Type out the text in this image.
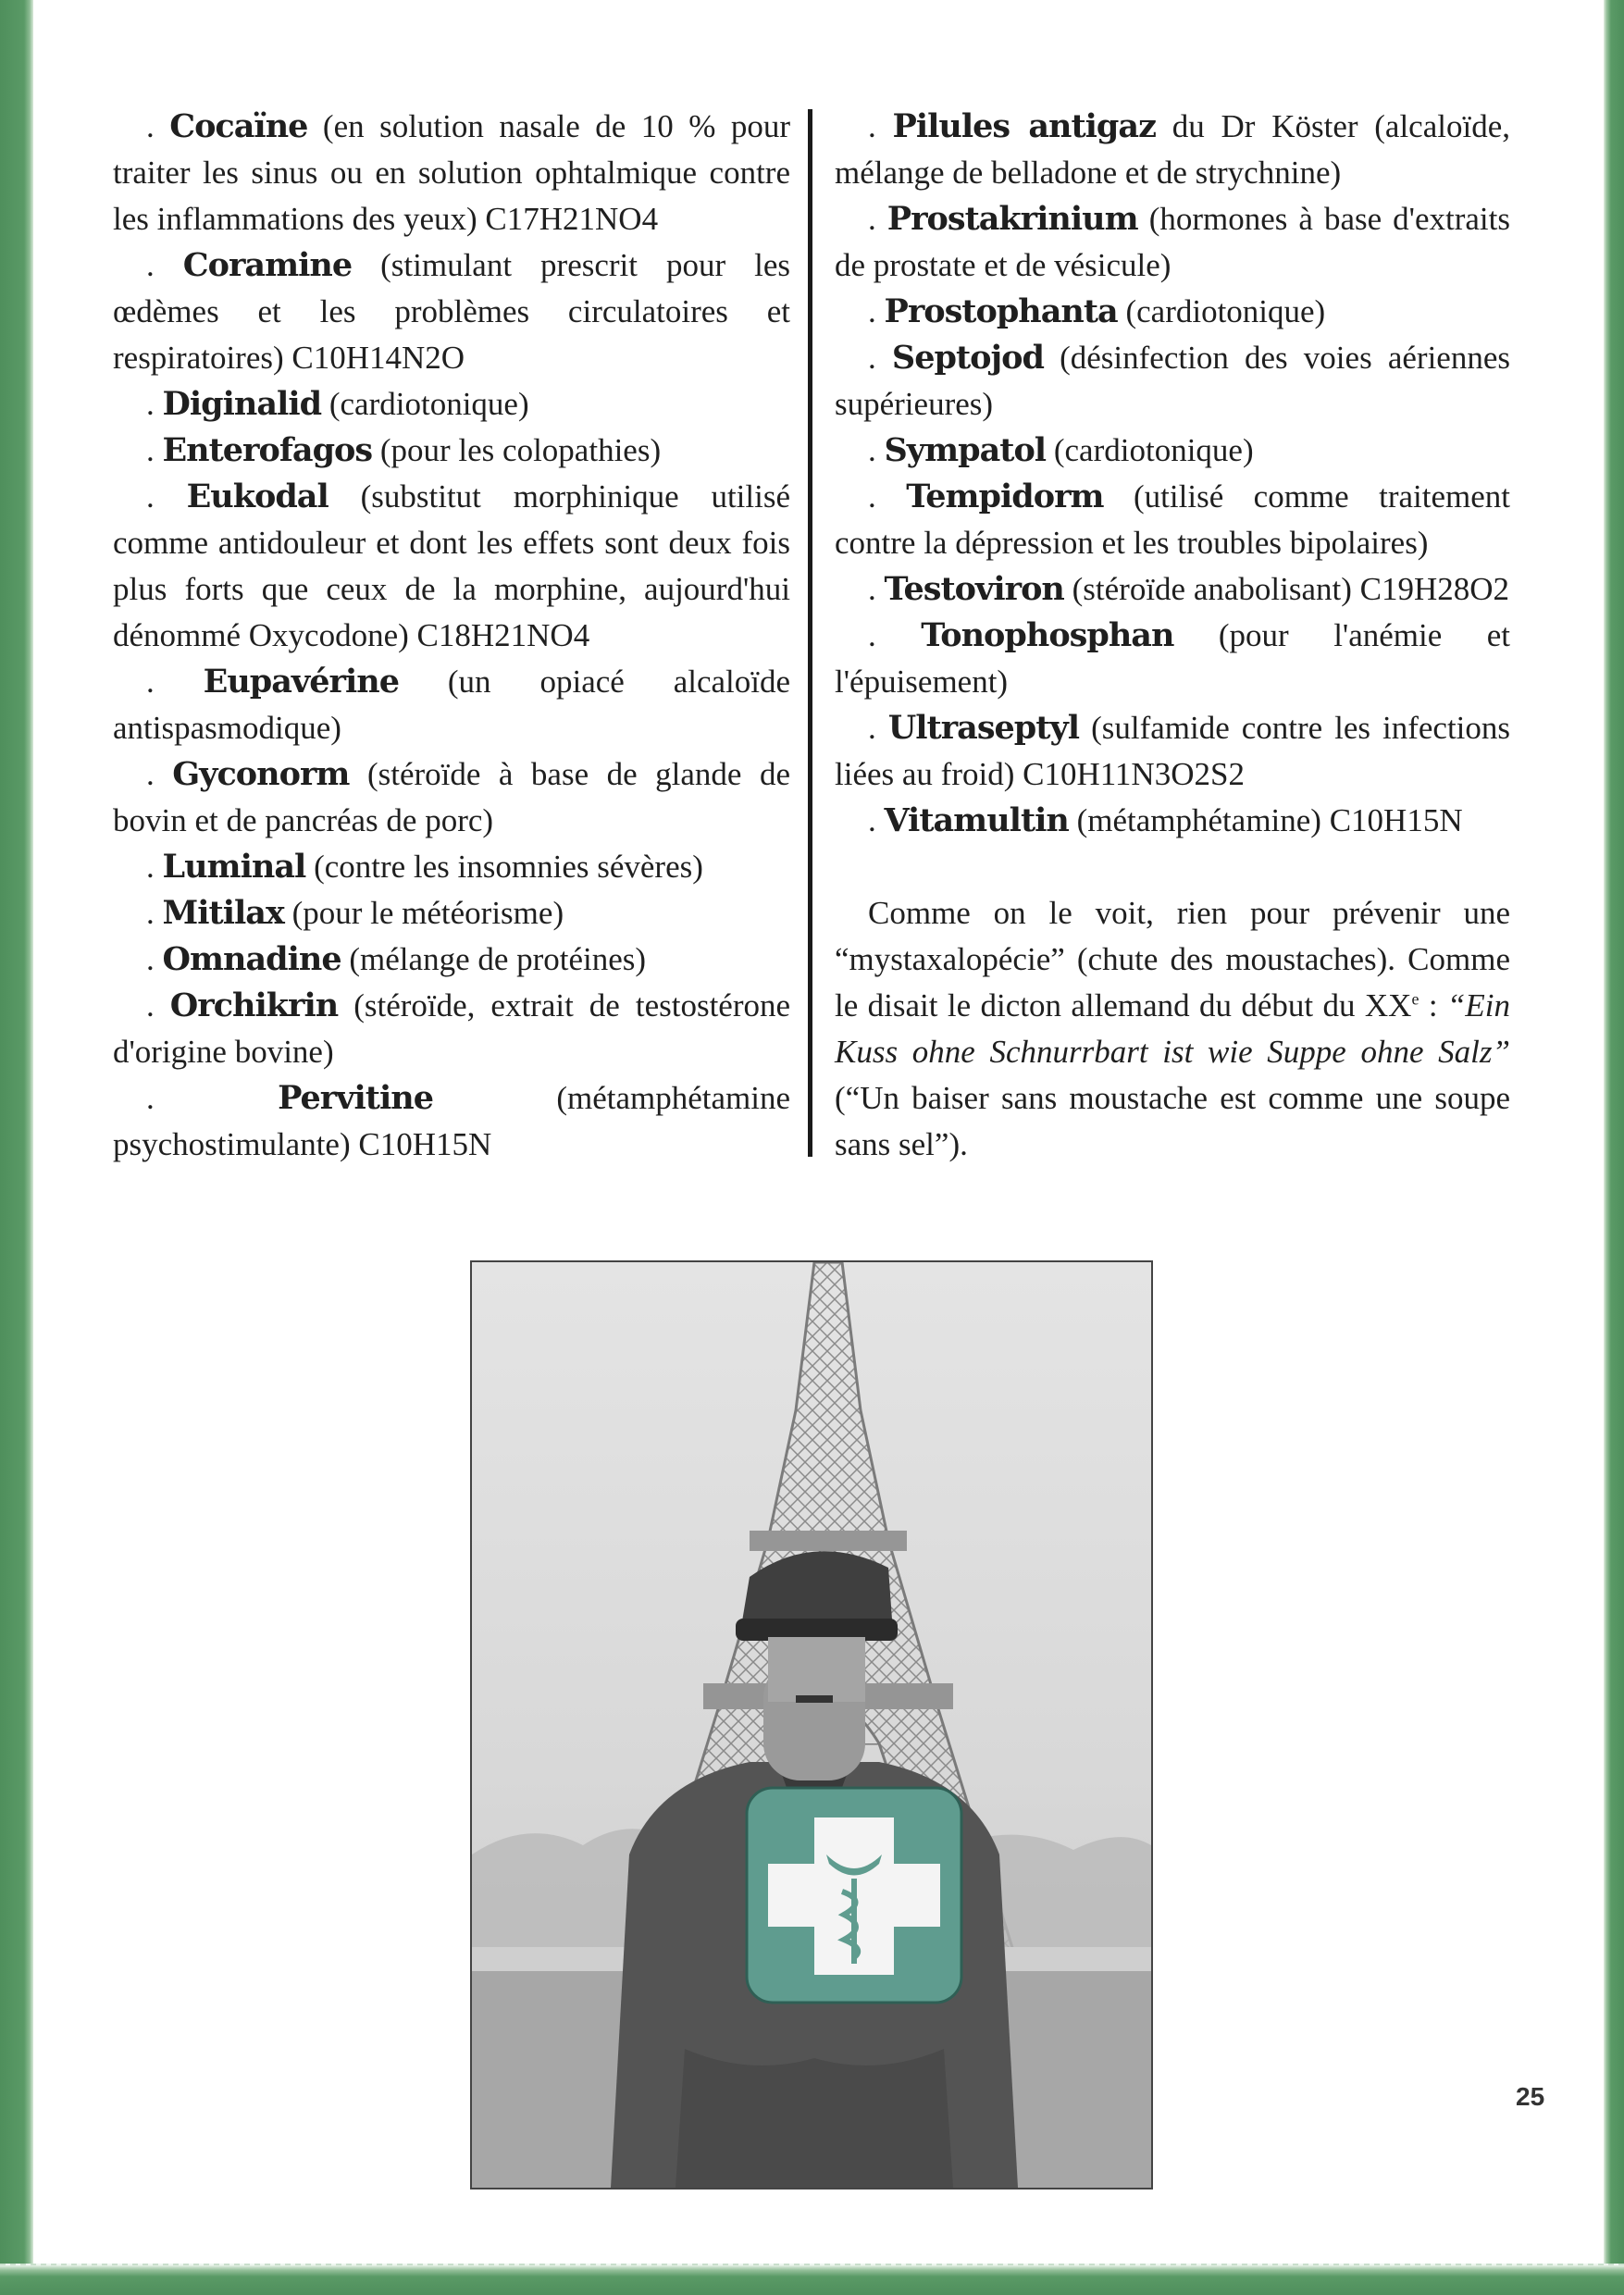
. Cocaïne (en solution nasale de 10 % pour traiter les sinus ou en solution ophtalmique contre les inflammations des yeux) C17H21NO4

. Coramine (stimulant prescrit pour les œdèmes et les problèmes circulatoires et respiratoires) C10H14N2O

. Diginalid (cardiotonique)

. Enterofagos (pour les colopathies)

. Eukodal (substitut morphinique utilisé comme antidouleur et dont les effets sont deux fois plus forts que ceux de la morphine, aujourd'hui dénommé Oxycodone) C18H21NO4

. Eupavérine (un opiacé alcaloïde antispasmodique)

. Gyconorm (stéroïde à base de glande de bovin et de pancréas de porc)

. Luminal (contre les insomnies sévères)

. Mitilax (pour le météorisme)

. Omnadine (mélange de protéines)

. Orchikrin (stéroïde, extrait de testostérone d'origine bovine)

. Pervitine	(métamphétamine psychostimulante) C10H15N

. Pilules antigaz du Dr Köster (alcaloïde, mélange de belladone et de strychnine)

. Prostakrinium (hormones à base d'extraits de prostate et de vésicule)

. Prostophanta (cardiotonique)

. Septojod (désinfection des voies aériennes supérieures)

. Sympatol (cardiotonique)

. Tempidorm (utilisé comme traitement contre la dépression et les troubles bipolaires)

. Testoviron (stéroïde anabolisant) C19H28O2

. Tonophosphan (pour l'anémie et l'épuisement)

. Ultraseptyl (sulfamide contre les infections liées au froid) C10H11N3O2S2

. Vitamultin (métamphétamine) C10H15N

Comme on le voit, rien pour prévenir une “mystaxalopécie” (chute des moustaches). Comme le disait le dicton allemand du début du XXe : “Ein Kuss ohne Schnurrbart ist wie Suppe ohne Salz” (“Un baiser sans moustache est comme une soupe sans sel”).

25
